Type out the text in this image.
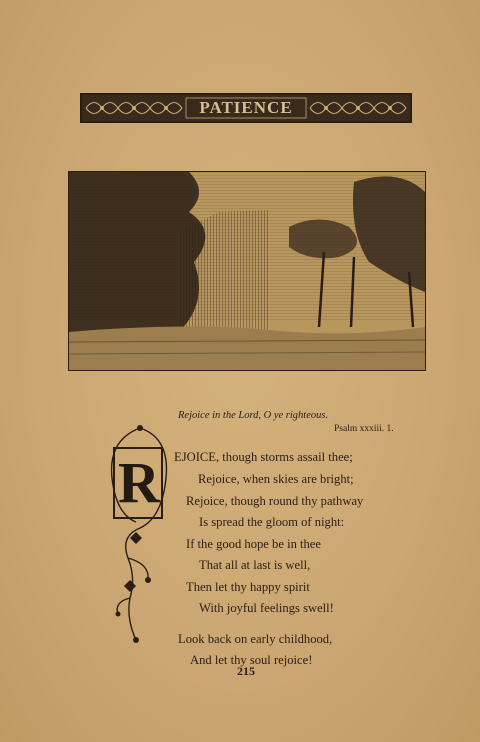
PATIENCE
Rejoice in the Lord, O ye righteous.
Psalm xxxiii. 1.
R EJOICE, though storms assail thee;
Rejoice, when skies are bright;
Rejoice, though round thy pathway
Is spread the gloom of night:
If the good hope be in thee
That all at last is well,
Then let thy happy spirit
With joyful feelings swell!
Look back on early childhood,
And let thy soul rejoice!
215
